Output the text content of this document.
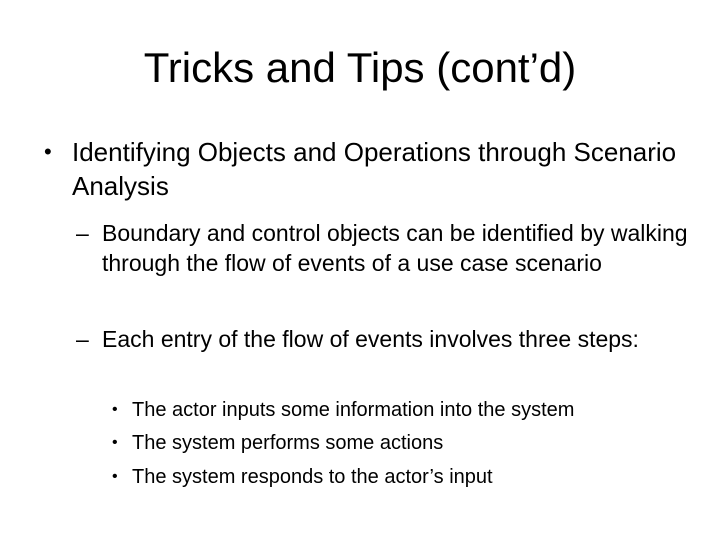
Tricks and Tips (cont’d)
• Identifying Objects and Operations through Scenario Analysis
– Boundary and control objects can be identified by walking through the flow of events of a use case scenario
– Each entry of the flow of events involves three steps:
• The actor inputs some information into the system
• The system performs some actions
• The system responds to the actor’s input
